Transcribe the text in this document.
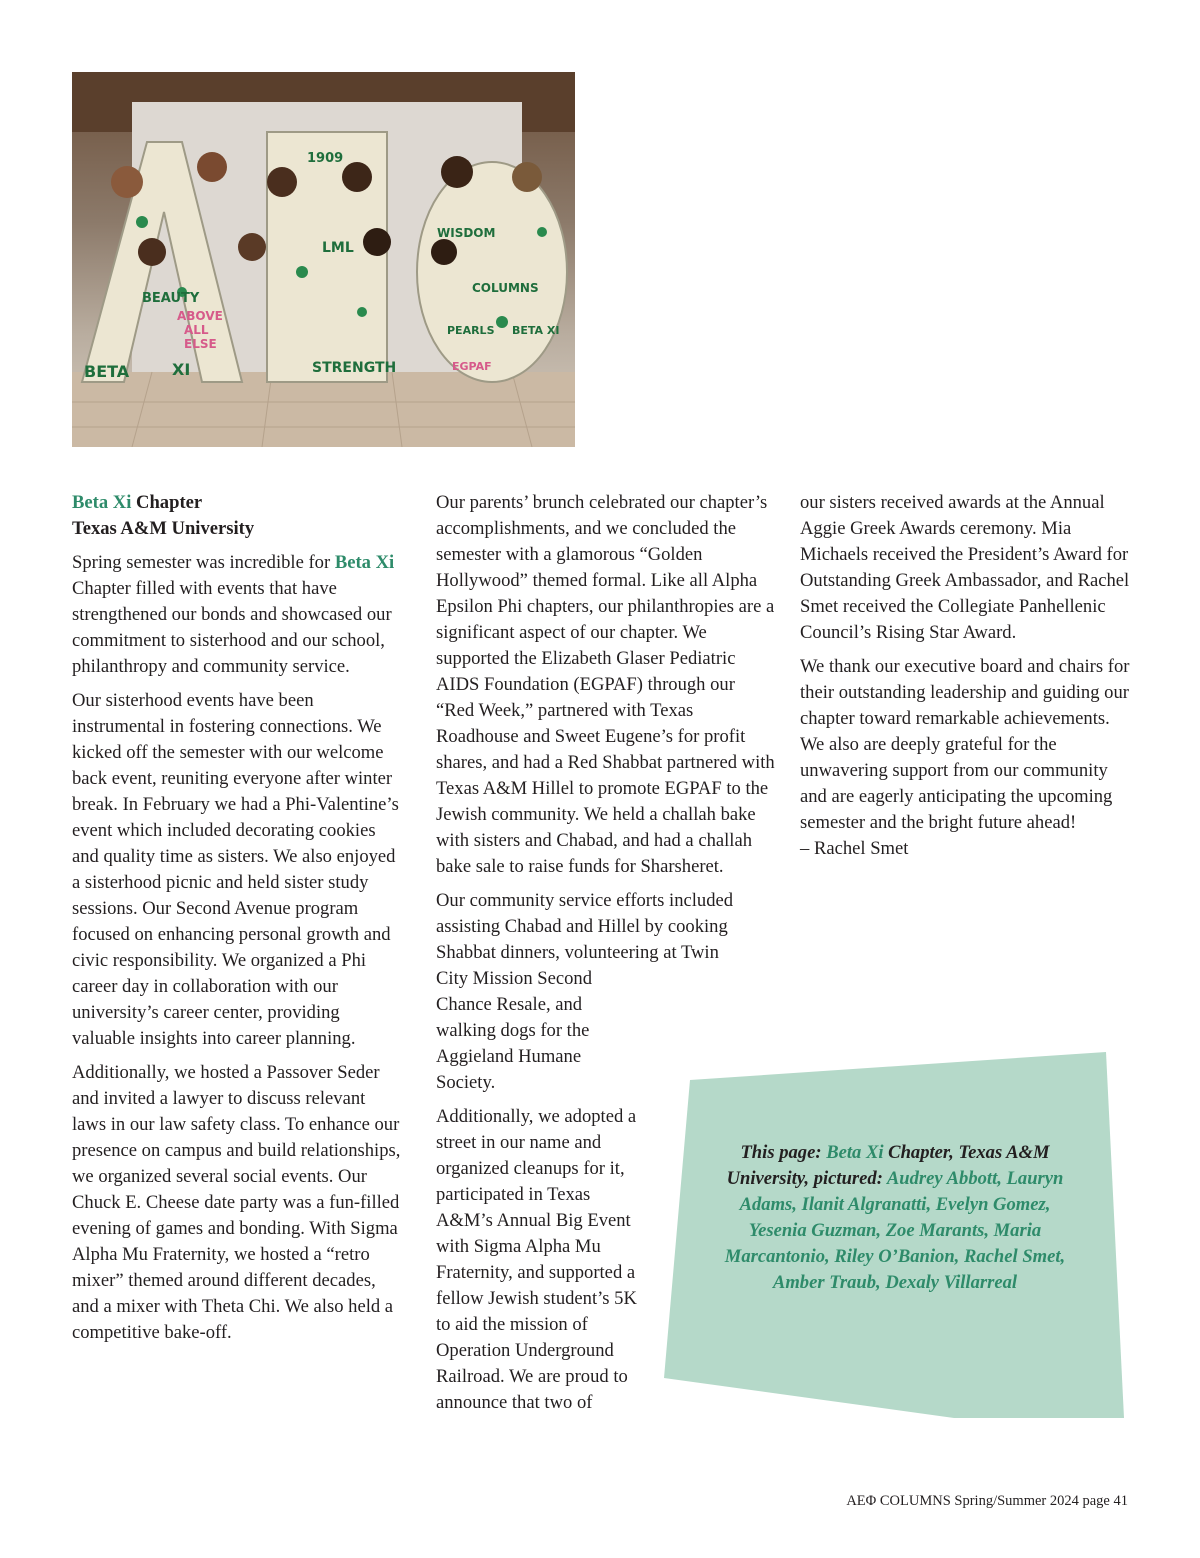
BETA	XI
BEAUTY
ABOVE
ALL
ELSE
LML
1909
STRENGTH
WISDOM
COLUMNS
PEARLS
EGPAF
BETA XI
Beta Xi Chapter
Texas A&M University

Spring semester was incredible for Beta Xi Chapter filled with events that have strengthened our bonds and showcased our commitment to sisterhood and our school, philanthropy and community service.

Our sisterhood events have been instrumental in fostering connections. We kicked off the semester with our welcome back event, reuniting everyone after winter break. In February we had a Phi-Valentine’s event which included decorating cookies and quality time as sisters. We also enjoyed a sisterhood picnic and held sister study sessions. Our Second Avenue program focused on enhancing personal growth and civic responsibility. We organized a Phi career day in collaboration with our university’s career center, providing valuable insights into career planning.

Additionally, we hosted a Passover Seder and invited a lawyer to discuss relevant laws in our law safety class. To enhance our presence on campus and build relationships, we organized several social events. Our Chuck E. Cheese date party was a fun-filled evening of games and bonding. With Sigma Alpha Mu Fraternity, we hosted a “retro mixer” themed around different decades, and a mixer with Theta Chi. We also held a competitive bake-off.

Our parents’ brunch celebrated our chapter’s accomplishments, and we concluded the semester with a glamorous “Golden Hollywood” themed formal. Like all Alpha Epsilon Phi chapters, our philanthropies are a significant aspect of our chapter. We supported the Elizabeth Glaser Pediatric AIDS Foundation (EGPAF) through our “Red Week,” partnered with Texas Roadhouse and Sweet Eugene’s for profit shares, and had a Red Shabbat partnered with Texas A&M Hillel to promote EGPAF to the Jewish community. We held a challah bake with sisters and Chabad, and had a challah bake sale to raise funds for Sharsheret.

Our community service efforts included assisting Chabad and Hillel by cooking Shabbat dinners, volunteering at Twin

City Mission Second Chance Resale, and walking dogs for the Aggieland Humane Society.

Additionally, we adopted a street in our name and organized cleanups for it, participated in Texas A&M’s Annual Big Event with Sigma Alpha Mu Fraternity, and supported a fellow Jewish student’s 5K to aid the mission of Operation Underground Railroad. We are proud to announce that two of

our sisters received awards at the Annual Aggie Greek Awards ceremony. Mia Michaels received the President’s Award for Outstanding Greek Ambassador, and Rachel Smet received the Collegiate Panhellenic Council’s Rising Star Award.

We thank our executive board and chairs for their outstanding leadership and guiding our chapter toward remarkable achievements. We also are deeply grateful for the unwavering support from our community and are eagerly anticipating the upcoming semester and the bright future ahead!

– Rachel Smet

This page: Beta Xi Chapter, Texas A&M University, pictured: Audrey Abbott, Lauryn Adams, Ilanit Algranatti, Evelyn Gomez, Yesenia Guzman, Zoe Marants, Maria Marcantonio, Riley O’Banion, Rachel Smet, Amber Traub, Dexaly Villarreal
AEΦ COLUMNS Spring/Summer 2024 page 41
